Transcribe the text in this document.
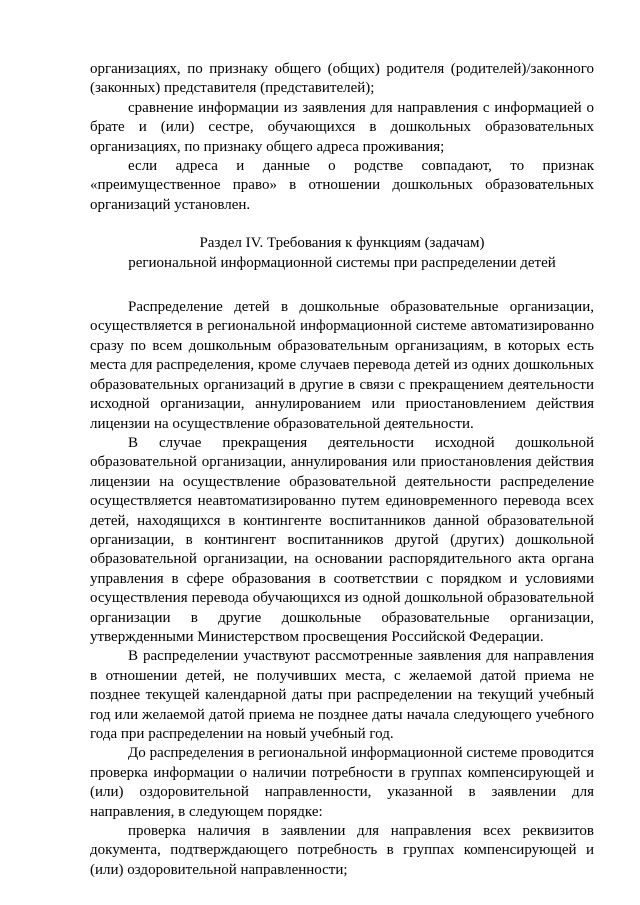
организациях, по признаку общего (общих) родителя (родителей)/законного (законных) представителя (представителей);

сравнение информации из заявления для направления с информацией о брате и (или) сестре, обучающихся в дошкольных образовательных организациях, по признаку общего адреса проживания;

если адреса и данные о родстве совпадают, то признак «преимущественное право» в отношении дошкольных образовательных организаций установлен.

Раздел IV. Требования к функциям (задачам)
региональной информационной системы при распределении детей

Распределение детей в дошкольные образовательные организации, осуществляется в региональной информационной системе автоматизированно сразу по всем дошкольным образовательным организациям, в которых есть места для распределения, кроме случаев перевода детей из одних дошкольных образовательных организаций в другие в связи с прекращением деятельности исходной организации, аннулированием или приостановлением действия лицензии на осуществление образовательной деятельности.

В случае прекращения деятельности исходной дошкольной образовательной организации, аннулирования или приостановления действия лицензии на осуществление образовательной деятельности распределение осуществляется неавтоматизированно путем единовременного перевода всех детей, находящихся в контингенте воспитанников данной образовательной организации, в контингент воспитанников другой (других) дошкольной образовательной организации, на основании распорядительного акта органа управления в сфере образования в соответствии с порядком и условиями осуществления перевода обучающихся из одной дошкольной образовательной организации в другие дошкольные образовательные организации, утвержденными Министерством просвещения Российской Федерации.

В распределении участвуют рассмотренные заявления для направления в отношении детей, не получивших места, с желаемой датой приема не позднее текущей календарной даты при распределении на текущий учебный год или желаемой датой приема не позднее даты начала следующего учебного года при распределении на новый учебный год.

До распределения в региональной информационной системе проводится проверка информации о наличии потребности в группах компенсирующей и (или) оздоровительной направленности, указанной в заявлении для направления, в следующем порядке:

проверка наличия в заявлении для направления всех реквизитов документа, подтверждающего потребность в группах компенсирующей и (или) оздоровительной направленности;
